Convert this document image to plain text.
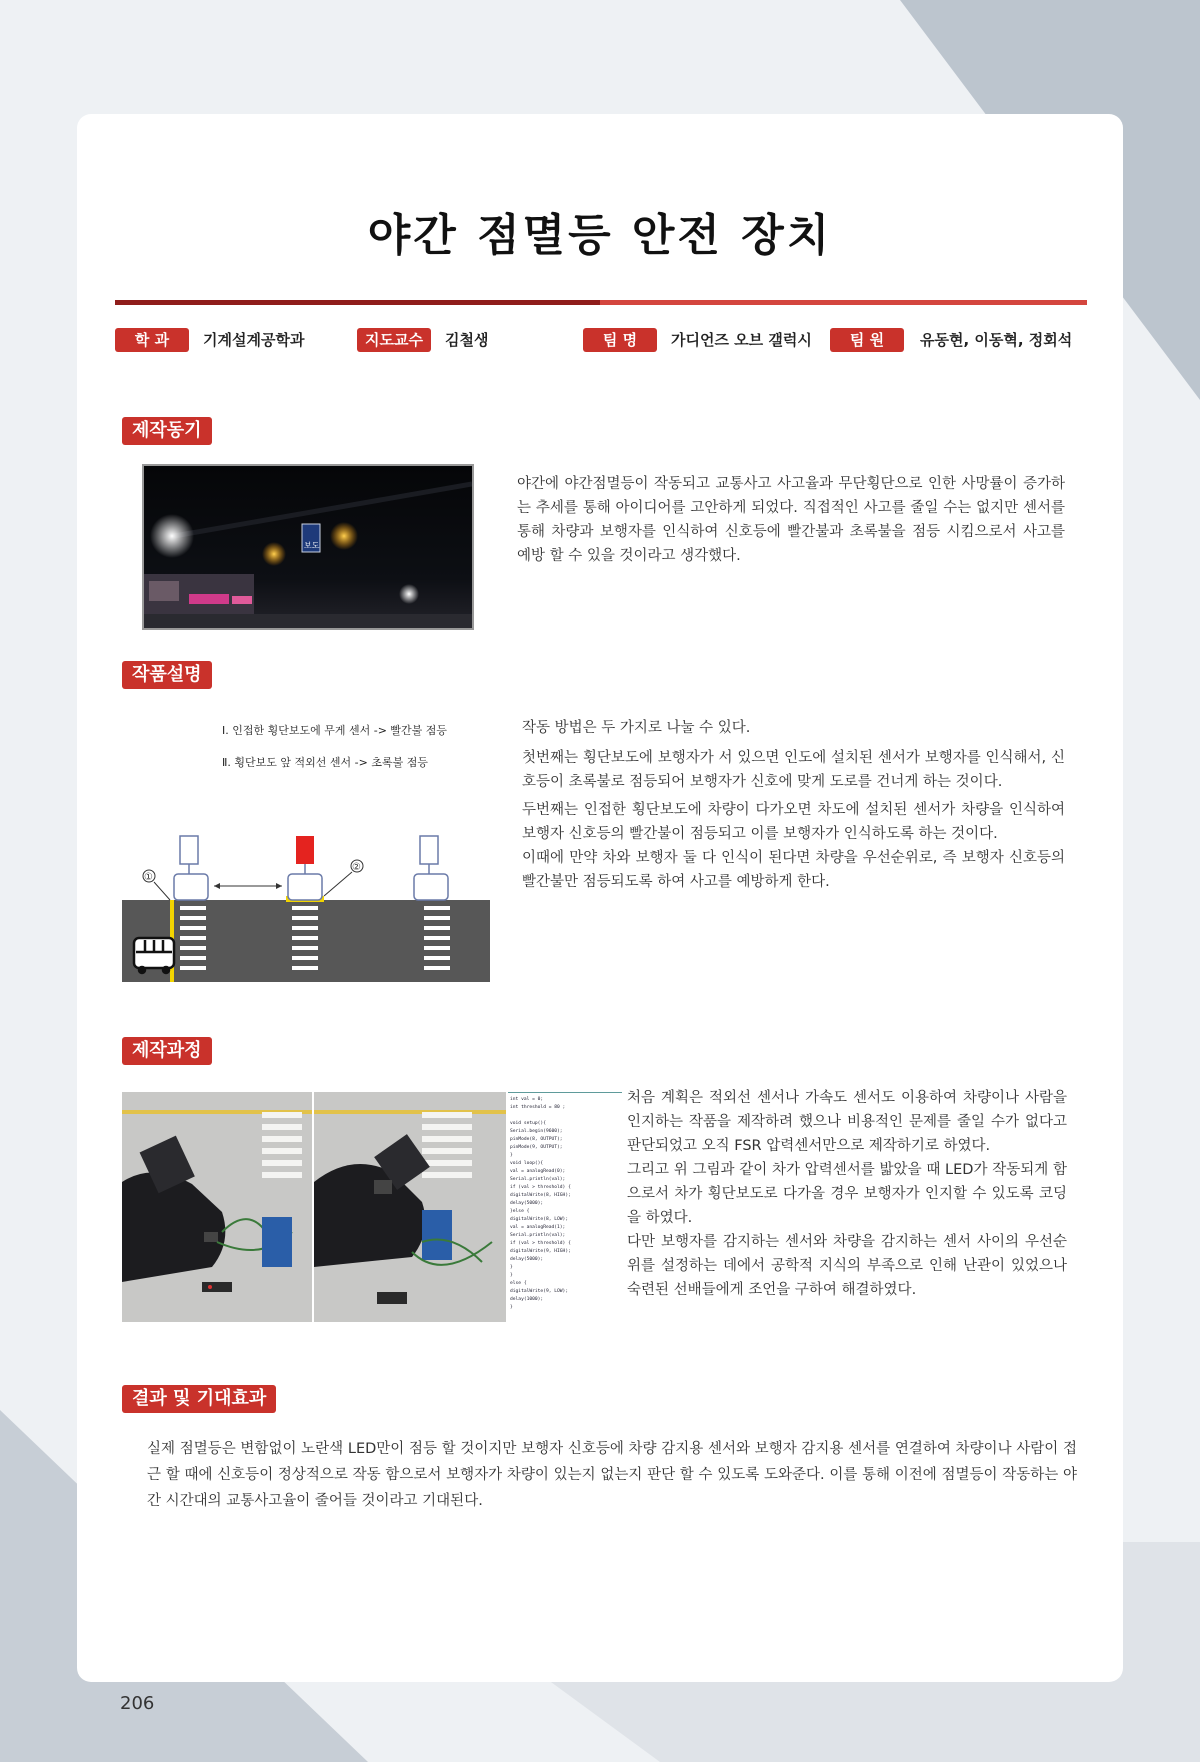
야간 점멸등 안전 장치
학 과	기계설계공학과	지도교수	김철생	팀 명	가디언즈 오브 갤럭시	팀 원	유동현, 이동혁, 정회석
제작동기
보도
야간에 야간점멸등이 작동되고 교통사고 사고율과 무단횡단으로 인한 사망률이 증가하는 추세를 통해 아이디어를 고안하게 되었다. 직접적인 사고를 줄일 수는 없지만 센서를 통해 차량과 보행자를 인식하여 신호등에 빨간불과 초록불을 점등 시킴으로서 사고를 예방 할 수 있을 것이라고 생각했다.
작품설명
Ⅰ. 인접한 횡단보도에 무게 센서 -> 빨간불 점등
Ⅱ. 횡단보도 앞 적외선 센서 -> 초록불 점등
①
②

작동 방법은 두 가지로 나눌 수 있다.

첫번째는 횡단보도에 보행자가 서 있으면 인도에 설치된 센서가 보행자를 인식해서, 신호등이 초록불로 점등되어 보행자가 신호에 맞게 도로를 건너게 하는 것이다.

두번째는 인접한 횡단보도에 차량이 다가오면 차도에 설치된 센서가 차량을 인식하여 보행자 신호등의 빨간불이 점등되고 이를 보행자가 인식하도록 하는 것이다.

이때에 만약 차와 보행자 둘 다 인식이 된다면 차량을 우선순위로, 즉 보행자 신호등의 빨간불만 점등되도록 하여 사고를 예방하게 한다.

제작과정
int val = 0; int threshold = 80 ; void setup(){ Serial.begin(9600); pinMode(8, OUTPUT); pinMode(9, OUTPUT); } void loop(){ val = analogRead(0); Serial.println(val); if (val > threshold) { digitalWrite(8, HIGH); delay(5000); }else { digitalWrite(8, LOW); val = analogRead(1); Serial.println(val); if (val > threshold) { digitalWrite(9, HIGH); delay(5000); } } else { digitalWrite(9, LOW); delay(1000); }

처음 계획은 적외선 센서나 가속도 센서도 이용하여 차량이나 사람을 인지하는 작품을 제작하려 했으나 비용적인 문제를 줄일 수가 없다고 판단되었고 오직 FSR 압력센서만으로 제작하기로 하였다.

그리고 위 그림과 같이 차가 압력센서를 밟았을 때 LED가 작동되게 함으로서 차가 횡단보도로 다가올 경우 보행자가 인지할 수 있도록 코딩을 하였다.

다만 보행자를 감지하는 센서와 차량을 감지하는 센서 사이의 우선순위를 설정하는 데에서 공학적 지식의 부족으로 인해 난관이 있었으나 숙련된 선배들에게 조언을 구하여 해결하였다.

결과 및 기대효과
실제 점멸등은 변함없이 노란색 LED만이 점등 할 것이지만 보행자 신호등에 차량 감지용 센서와 보행자 감지용 센서를 연결하여 차량이나 사람이 접근 할 때에 신호등이 정상적으로 작동 함으로서 보행자가 차량이 있는지 없는지 판단 할 수 있도록 도와준다. 이를 통해 이전에 점멸등이 작동하는 야간 시간대의 교통사고율이 줄어들 것이라고 기대된다.
206
